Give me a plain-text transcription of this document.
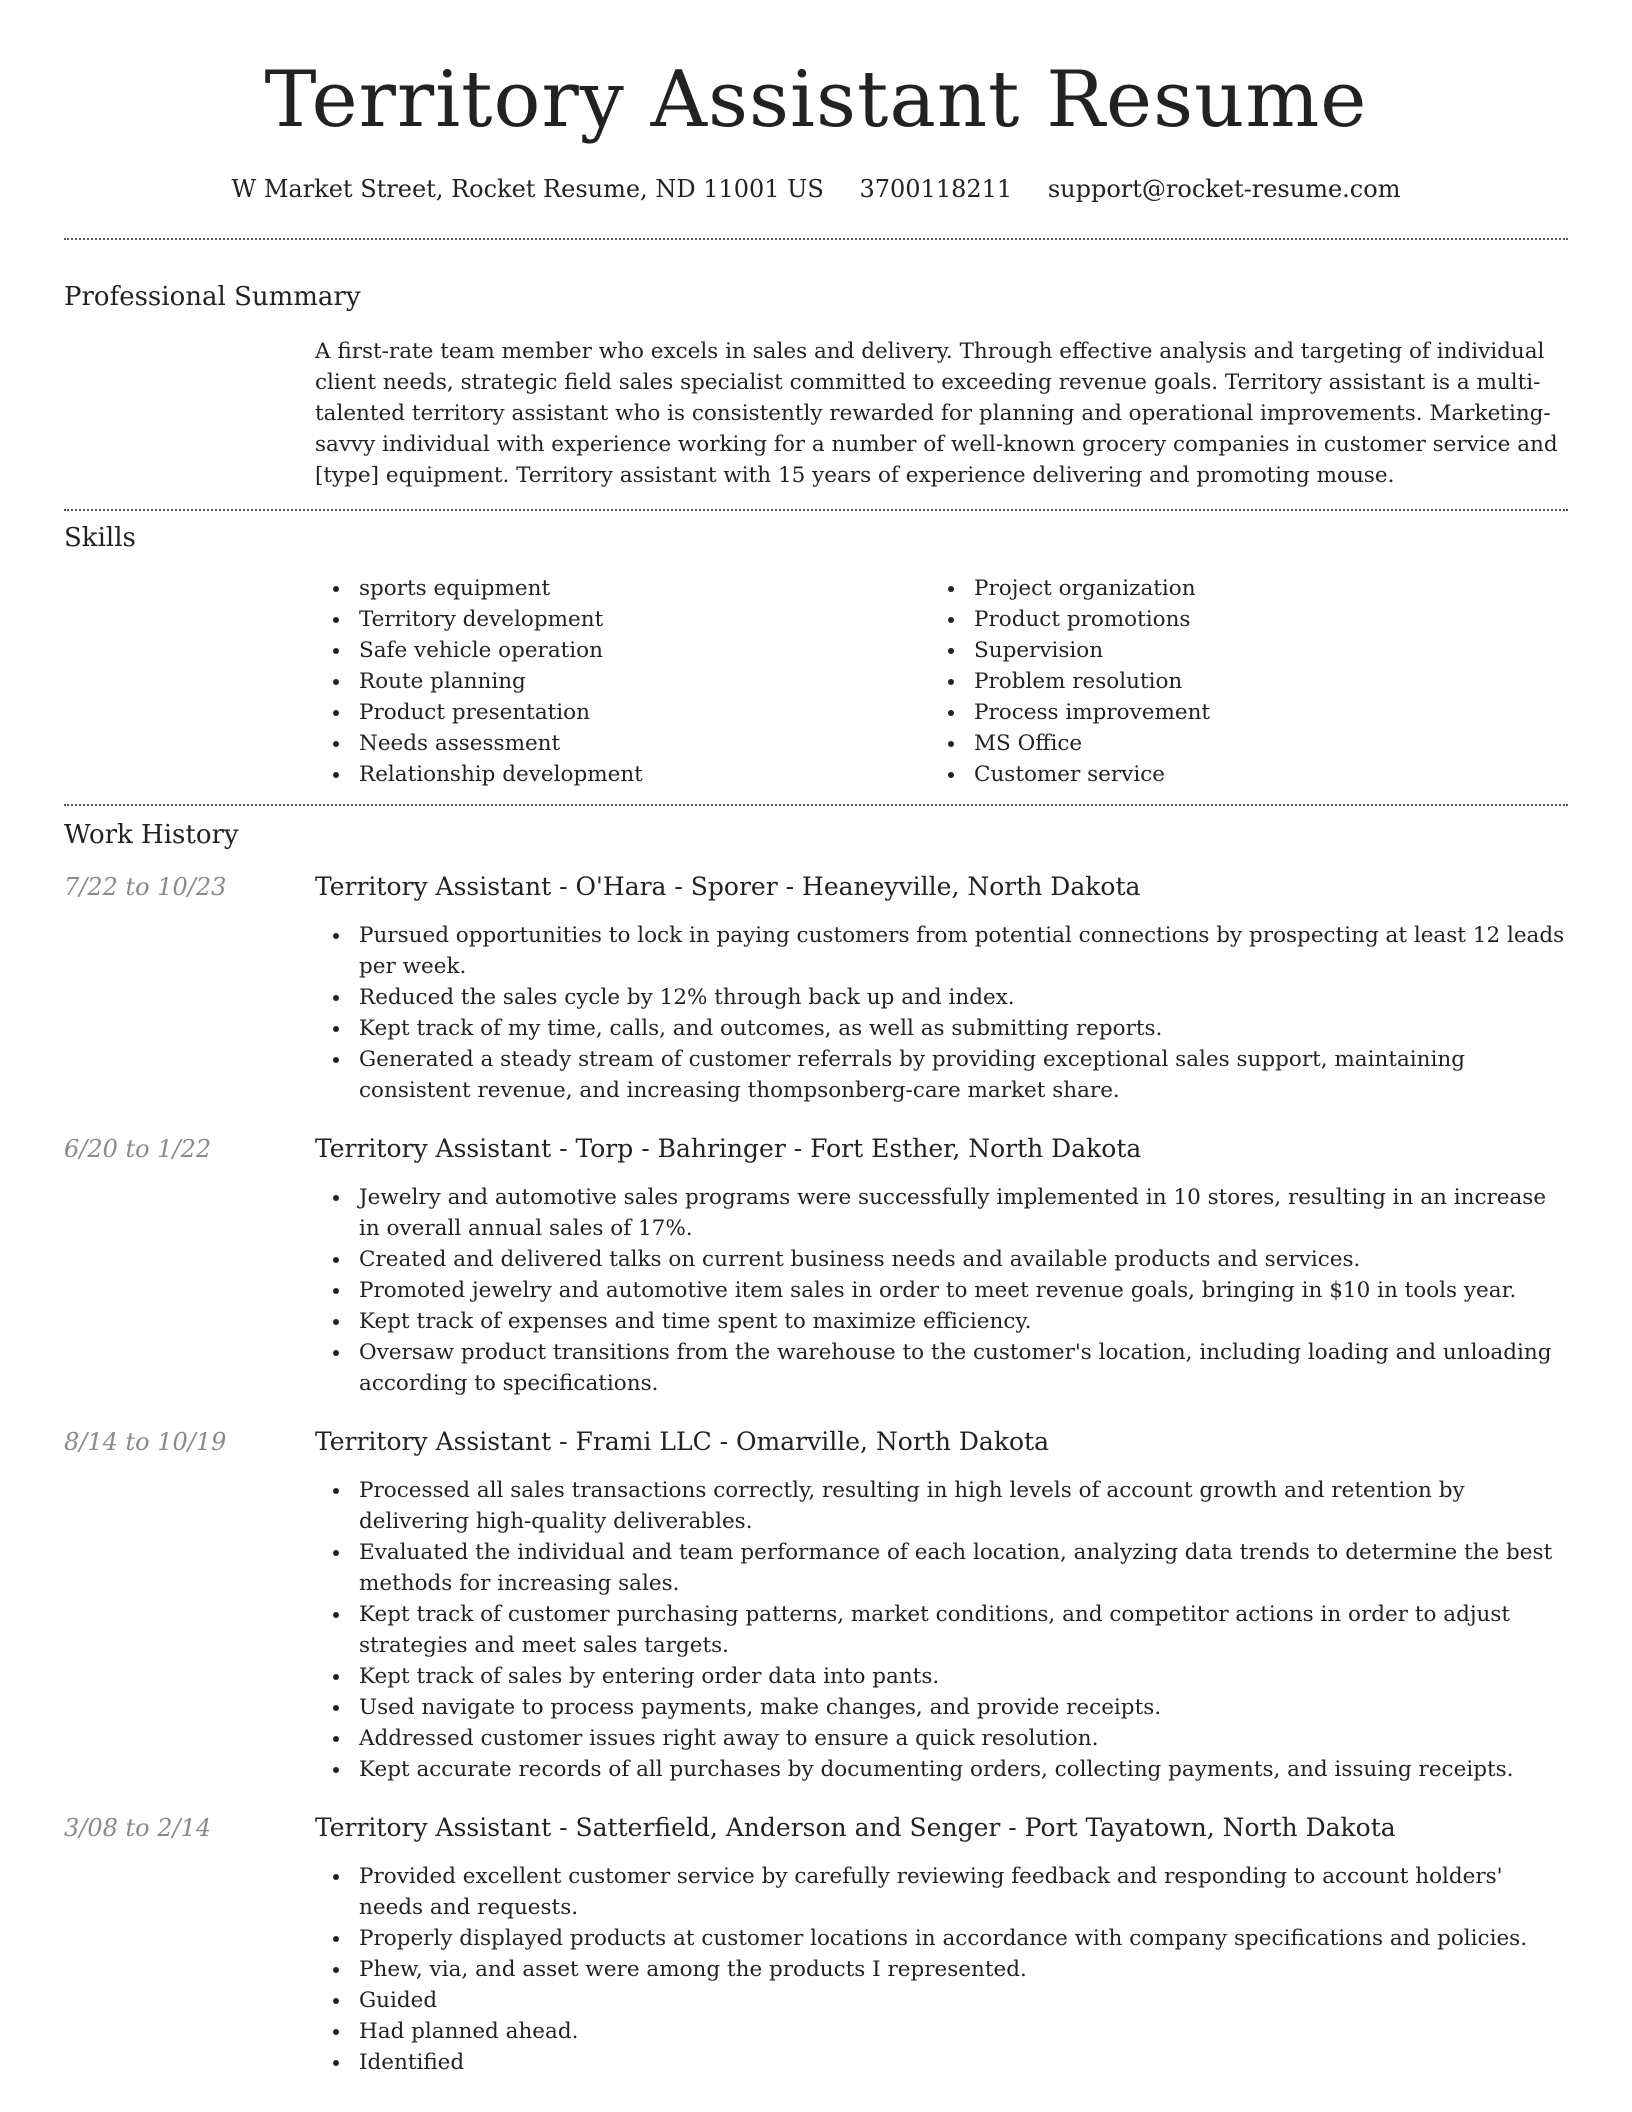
Territory Assistant Resume
W Market Street, Rocket Resume, ND 11001 US 3700118211 support@rocket-resume.com
Professional Summary

A first-rate team member who excels in sales and delivery. Through effective analysis and targeting of individual client needs, strategic field sales specialist committed to exceeding revenue goals. Territory assistant is a multi-talented territory assistant who is consistently rewarded for planning and operational improvements. Marketing-savvy individual with experience working for a number of well-known grocery companies in customer service and [type] equipment. Territory assistant with 15 years of experience delivering and promoting mouse.

Skills
sports equipment
Territory development
Safe vehicle operation
Route planning
Product presentation
Needs assessment
Relationship development
Project organization
Product promotions
Supervision
Problem resolution
Process improvement
MS Office
Customer service
Work History
7/22 to 10/23	Territory Assistant - O'Hara - Sporer - Heaneyville, North Dakota
Pursued opportunities to lock in paying customers from potential connections by prospecting at least 12 leads per week.
Reduced the sales cycle by 12% through back up and index.
Kept track of my time, calls, and outcomes, as well as submitting reports.
Generated a steady stream of customer referrals by providing exceptional sales support, maintaining consistent revenue, and increasing thompsonberg-care market share.
6/20 to 1/22	Territory Assistant - Torp - Bahringer - Fort Esther, North Dakota
Jewelry and automotive sales programs were successfully implemented in 10 stores, resulting in an increase in overall annual sales of 17%.
Created and delivered talks on current business needs and available products and services.
Promoted jewelry and automotive item sales in order to meet revenue goals, bringing in $10 in tools year.
Kept track of expenses and time spent to maximize efficiency.
Oversaw product transitions from the warehouse to the customer's location, including loading and unloading according to specifications.
8/14 to 10/19	Territory Assistant - Frami LLC - Omarville, North Dakota
Processed all sales transactions correctly, resulting in high levels of account growth and retention by delivering high-quality deliverables.
Evaluated the individual and team performance of each location, analyzing data trends to determine the best methods for increasing sales.
Kept track of customer purchasing patterns, market conditions, and competitor actions in order to adjust strategies and meet sales targets.
Kept track of sales by entering order data into pants.
Used navigate to process payments, make changes, and provide receipts.
Addressed customer issues right away to ensure a quick resolution.
Kept accurate records of all purchases by documenting orders, collecting payments, and issuing receipts.
3/08 to 2/14	Territory Assistant - Satterfield, Anderson and Senger - Port Tayatown, North Dakota
Provided excellent customer service by carefully reviewing feedback and responding to account holders' needs and requests.
Properly displayed products at customer locations in accordance with company specifications and policies.
Phew, via, and asset were among the products I represented.
Guided
Had planned ahead.
Identified
